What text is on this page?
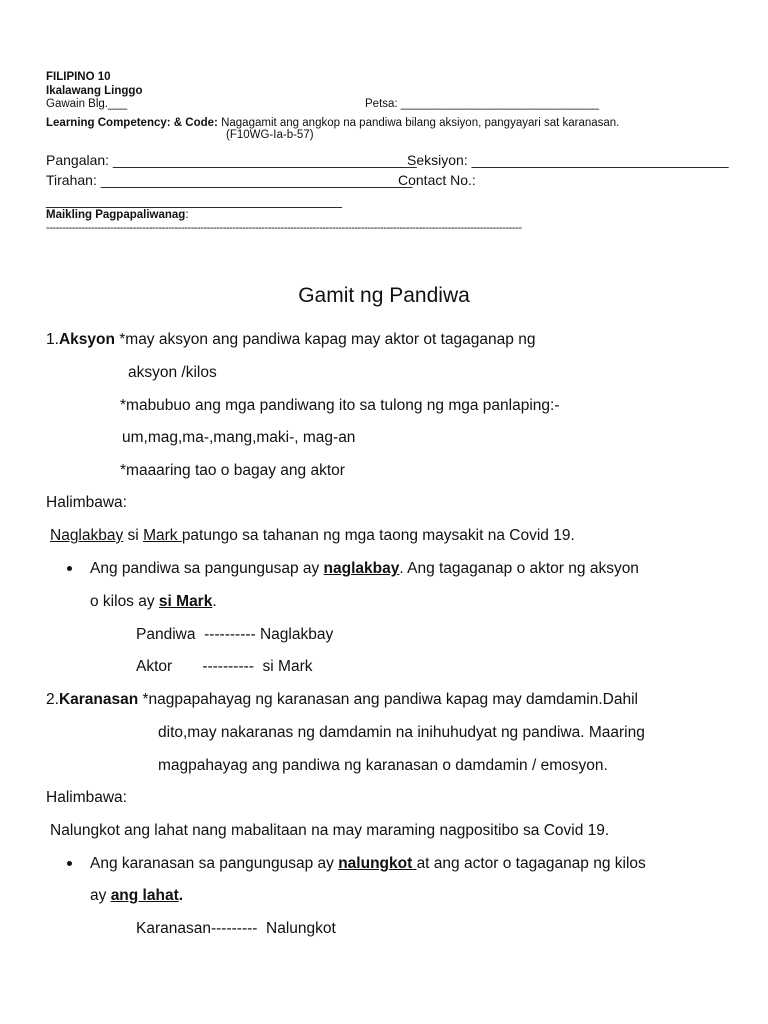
FILIPINO 10
Ikalawang Linggo
Gawain Blg.___	Petsa: _______________________________
Learning Competency: & Code: Nagagamit ang angkop na pandiwa bilang aksiyon, pangyayari sat karanasan.
(F10WG-Ia-b-57)
Pangalan: _______________________________________
Seksiyon: _________________________________
Tirahan: ________________________________________
Contact No.:
______________________________________
Maikling Pagpapaliwanag:
----------------------------------------------------------------------------------------------------------------------------------------------------
Gamit ng Pandiwa
1.Aksyon *may aksyon ang pandiwa kapag may aktor ot tagaganap ng
aksyon /kilos
*mabubuo ang mga pandiwang ito sa tulong ng mga panlaping:-
um,mag,ma-,mang,maki-, mag-an
*maaaring tao o bagay ang aktor
Halimbawa:
Naglakbay si Mark patungo sa tahanan ng mga taong maysakit na Covid 19.
Ang pandiwa sa pangungusap ay naglakbay. Ang tagaganap o aktor ng aksyon
o kilos ay si Mark.
Pandiwa  ---------- Naglakbay
Aktor       ----------  si Mark
2.Karanasan *nagpapahayag ng karanasan ang pandiwa kapag may damdamin.Dahil
dito,may nakaranas ng damdamin na inihuhudyat ng pandiwa. Maaring
magpahayag ang pandiwa ng karanasan o damdamin / emosyon.
Halimbawa:
Nalungkot ang lahat nang mabalitaan na may maraming nagpositibo sa Covid 19.
Ang karanasan sa pangungusap ay nalungkot at ang actor o tagaganap ng kilos
ay ang lahat.
Karanasan---------  Nalungkot
